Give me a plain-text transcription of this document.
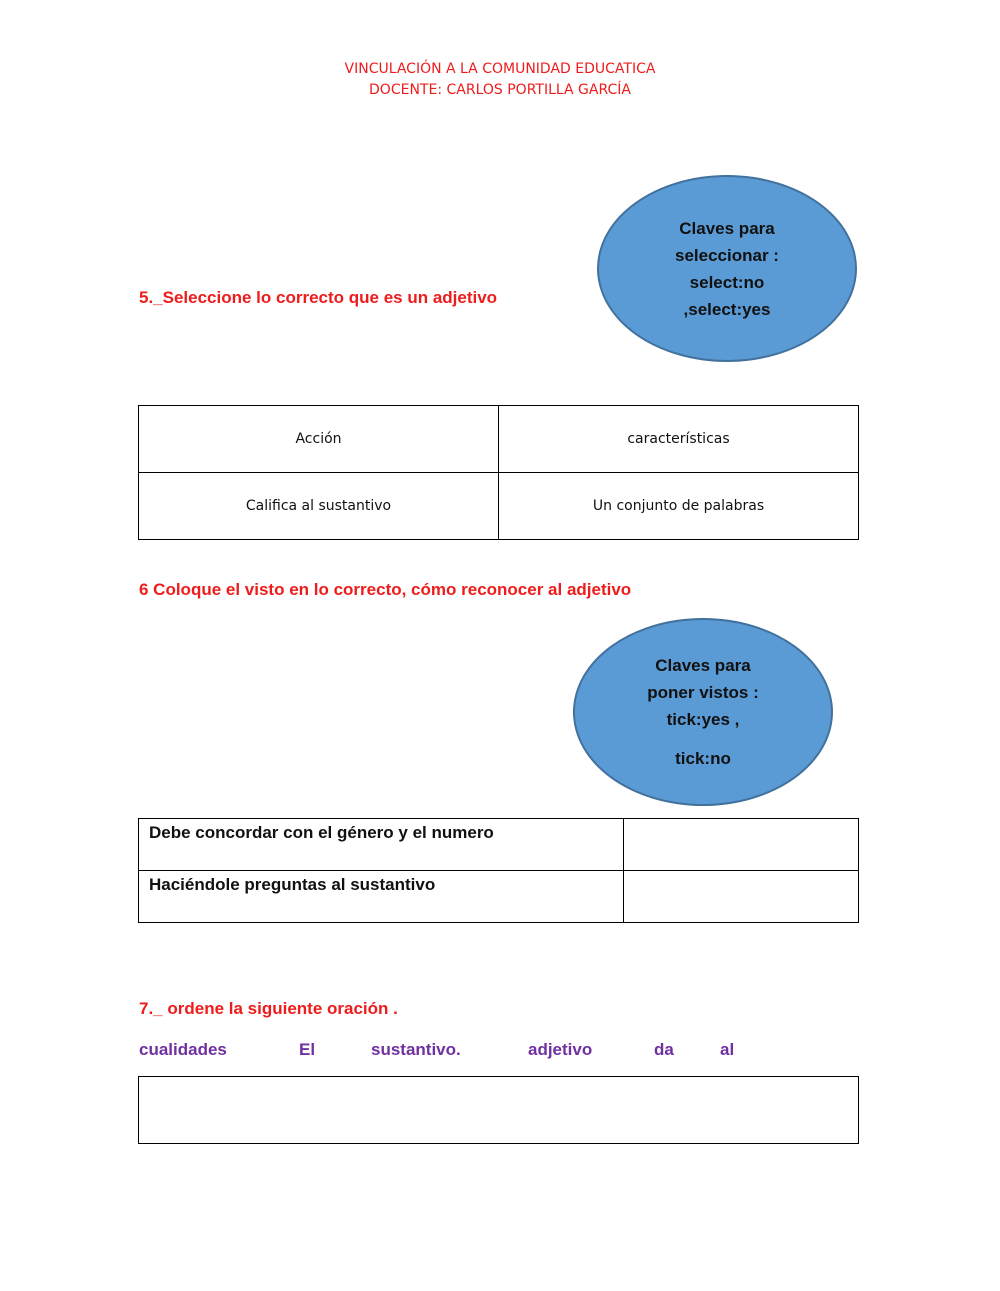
VINCULACIÓN A LA COMUNIDAD EDUCATICA
DOCENTE: CARLOS PORTILLA GARCÍA
5._Seleccione lo correcto que es un adjetivo
Claves para
seleccionar :
select:no
,select:yes
Acción	características
Califica al sustantivo	Un conjunto de palabras
6 Coloque el visto en lo correcto, cómo reconocer al adjetivo
Claves para
poner vistos :
tick:yes ,
tick:no
Debe concordar con el género y el numero	
Haciéndole preguntas al sustantivo	
7._ ordene la siguiente oración .
cualidades	El	sustantivo.	adjetivo	da	al
